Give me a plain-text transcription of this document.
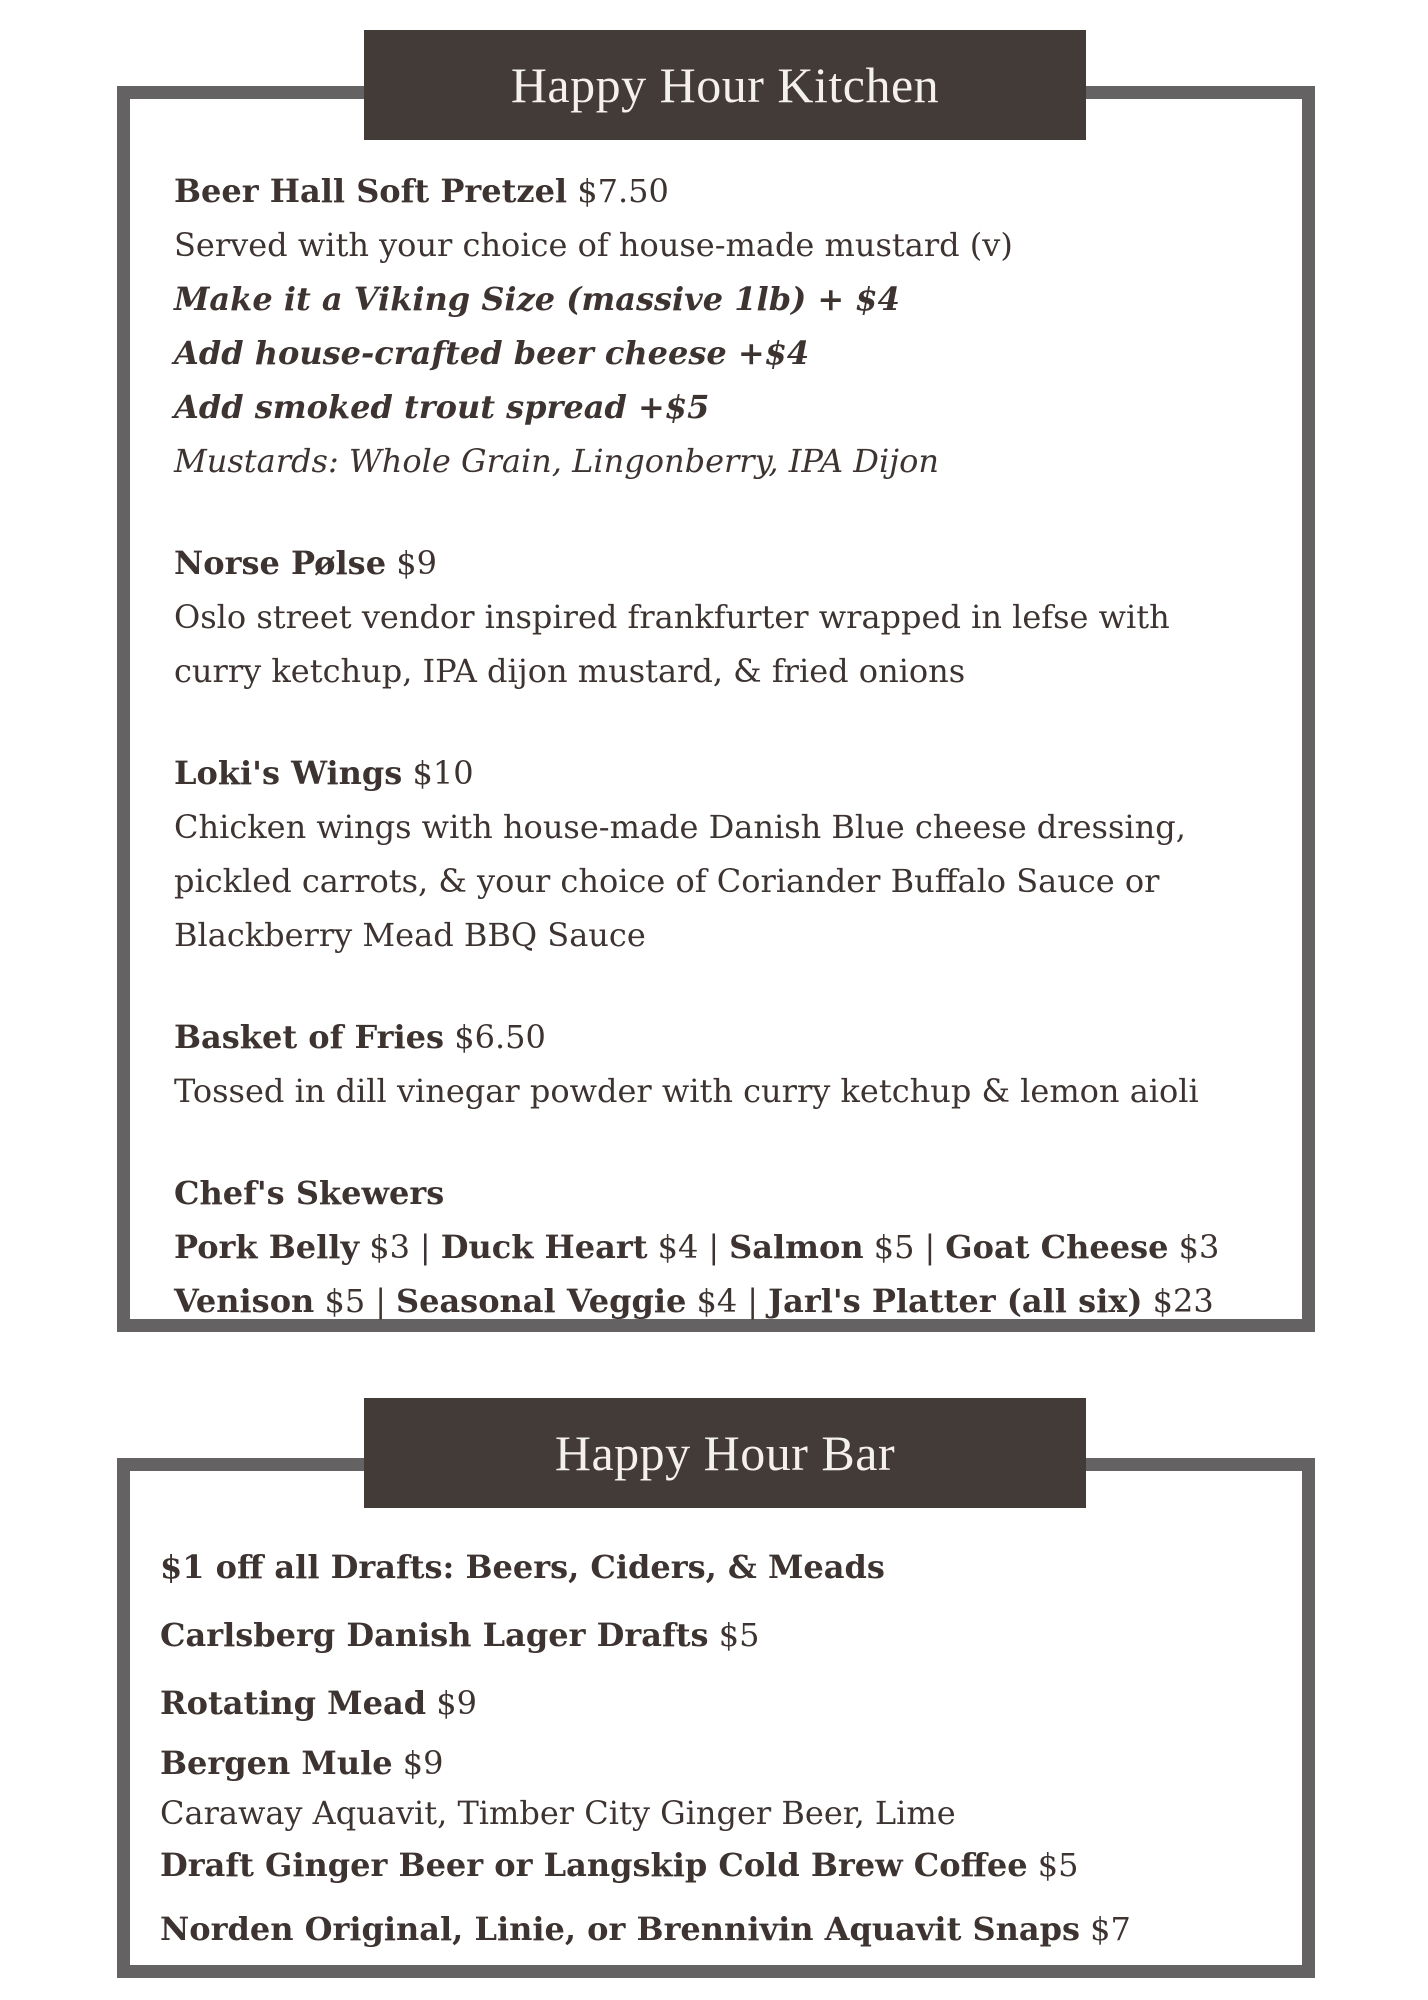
Happy Hour Kitchen
Beer Hall Soft Pretzel $7.50
Served with your choice of house-made mustard (v)
Make it a Viking Size (massive 1lb) + $4
Add house-crafted beer cheese +$4
Add smoked trout spread +$5
Mustards: Whole Grain, Lingonberry, IPA Dijon
Norse Pølse $9
Oslo street vendor inspired frankfurter wrapped in lefse with
curry ketchup, IPA dijon mustard, & fried onions
Loki's Wings $10
Chicken wings with house-made Danish Blue cheese dressing,
pickled carrots, & your choice of Coriander Buffalo Sauce or
Blackberry Mead BBQ Sauce
Basket of Fries $6.50
Tossed in dill vinegar powder with curry ketchup & lemon aioli
Chef's Skewers
Pork Belly $3 | Duck Heart $4 | Salmon $5 | Goat Cheese $3
Venison $5 | Seasonal Veggie $4 | Jarl's Platter (all six) $23
Happy Hour Bar
$1 off all Drafts: Beers, Ciders, & Meads
Carlsberg Danish Lager Drafts $5
Rotating Mead $9
Bergen Mule $9
Caraway Aquavit, Timber City Ginger Beer, Lime
Draft Ginger Beer or Langskip Cold Brew Coffee $5
Norden Original, Linie, or Brennivin Aquavit Snaps $7
